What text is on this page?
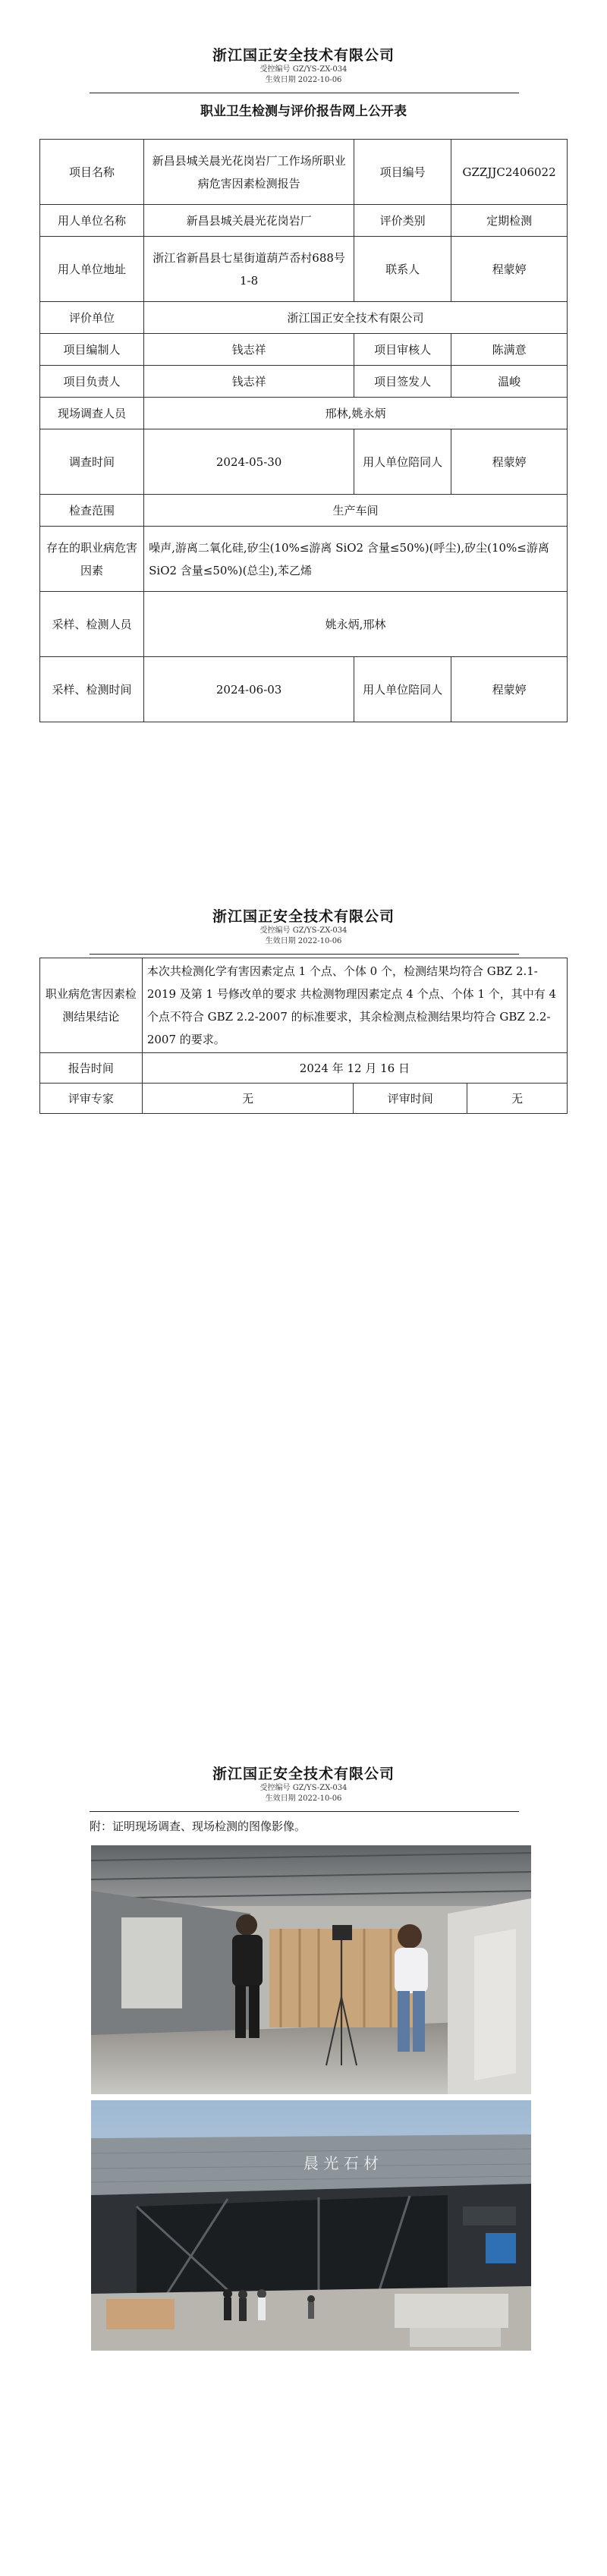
浙江国正安全技术有限公司
受控编号 GZ/YS-ZX-034
生效日期 2022-10-06
职业卫生检测与评价报告网上公开表
项目名称	新昌县城关晨光花岗岩厂工作场所职业病危害因素检测报告	项目编号	GZZJJC2406022
用人单位名称	新昌县城关晨光花岗岩厂	评价类别	定期检测
用人单位地址	浙江省新昌县七星街道葫芦岙村688号1-8	联系人	程蒙婷
评价单位	浙江国正安全技术有限公司		
项目编制人	钱志祥	项目审核人	陈满意
项目负责人	钱志祥	项目签发人	温峻
现场调查人员	邢林,姚永炳		
调查时间	2024-05-30	用人单位陪同人	程蒙婷
检查范围	生产车间		
存在的职业病危害因素	噪声,游离二氧化硅,矽尘(10%≤游离 SiO2 含量≤50%)(呼尘),矽尘(10%≤游离 SiO2 含量≤50%)(总尘),苯乙烯		
采样、检测人员	姚永炳,邢林		
采样、检测时间	2024-06-03	用人单位陪同人	程蒙婷
浙江国正安全技术有限公司
受控编号 GZ/YS-ZX-034
生效日期 2022-10-06
职业病危害因素检测结果结论	本次共检测化学有害因素定点 1 个点、个体 0 个，检测结果均符合 GBZ 2.1-2019 及第 1 号修改单的要求 共检测物理因素定点 4 个点、个体 1 个，其中有 4 个点不符合 GBZ 2.2-2007 的标准要求，其余检测点检测结果均符合 GBZ 2.2-2007 的要求。		
报告时间	2024 年 12 月 16 日		
评审专家	无	评审时间	无
浙江国正安全技术有限公司
受控编号 GZ/YS-ZX-034
生效日期 2022-10-06
附：证明现场调查、现场检测的图像影像。
晨 光 石 材
